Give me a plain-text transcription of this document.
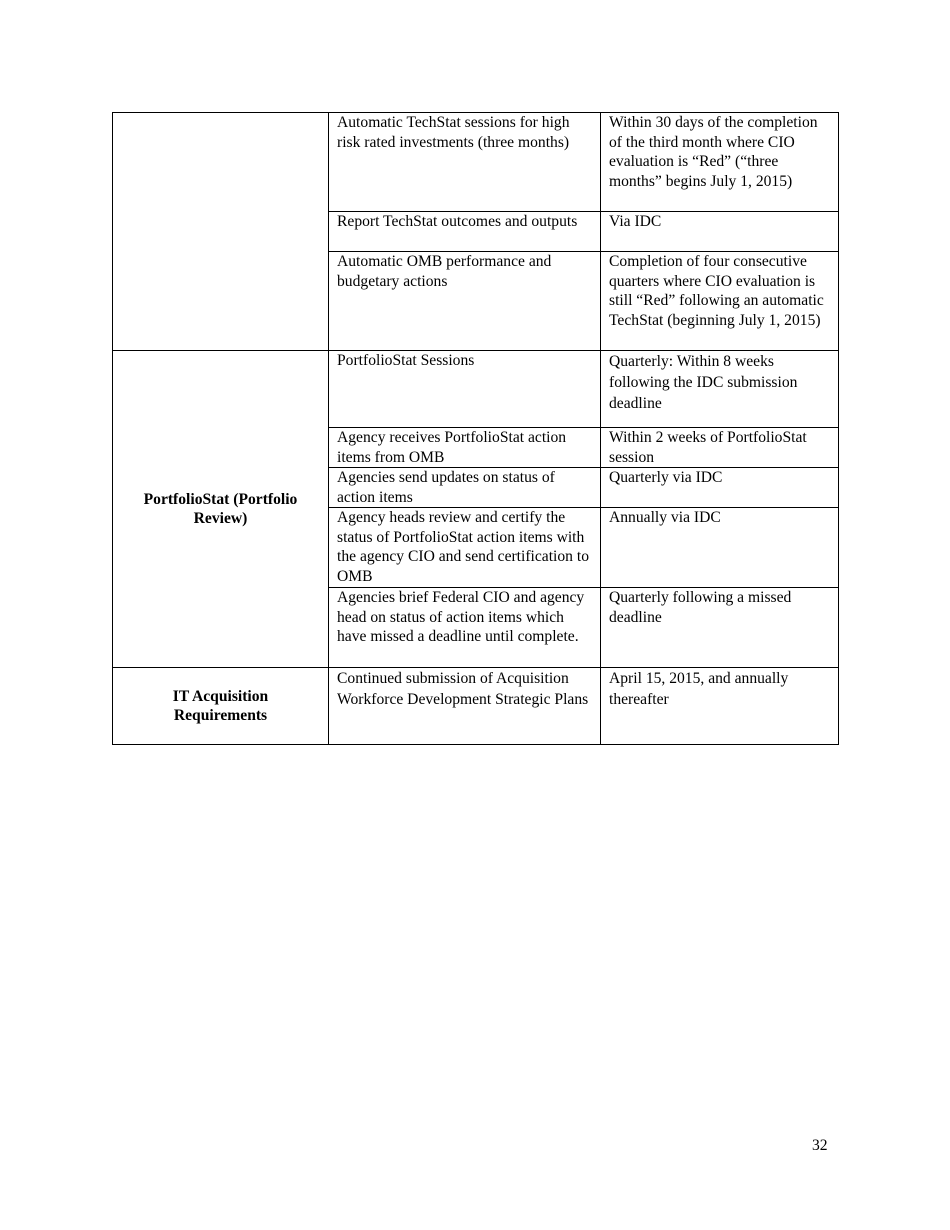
	Automatic TechStat sessions for high risk rated investments (three months)	Within 30 days of the completion of the third month where CIO evaluation is “Red” (“three months” begins July 1, 2015)
	Report TechStat outcomes and outputs	Via IDC
	Automatic OMB performance and budgetary actions	Completion of four consecutive quarters where CIO evaluation is still “Red” following an automatic TechStat (beginning July 1, 2015)
PortfolioStat (Portfolio Review)	PortfolioStat Sessions	Quarterly: Within 8 weeks following the IDC submission deadline
	Agency receives PortfolioStat action items from OMB	Within 2 weeks of PortfolioStat session
	Agencies send updates on status of action items	Quarterly via IDC
	Agency heads review and certify the status of PortfolioStat action items with the agency CIO and send certification to OMB	Annually via IDC
	Agencies brief Federal CIO and agency head on status of action items which have missed a deadline until complete.	Quarterly following a missed deadline
IT Acquisition Requirements	Continued submission of Acquisition Workforce Development Strategic Plans	April 15, 2015, and annually thereafter
32
